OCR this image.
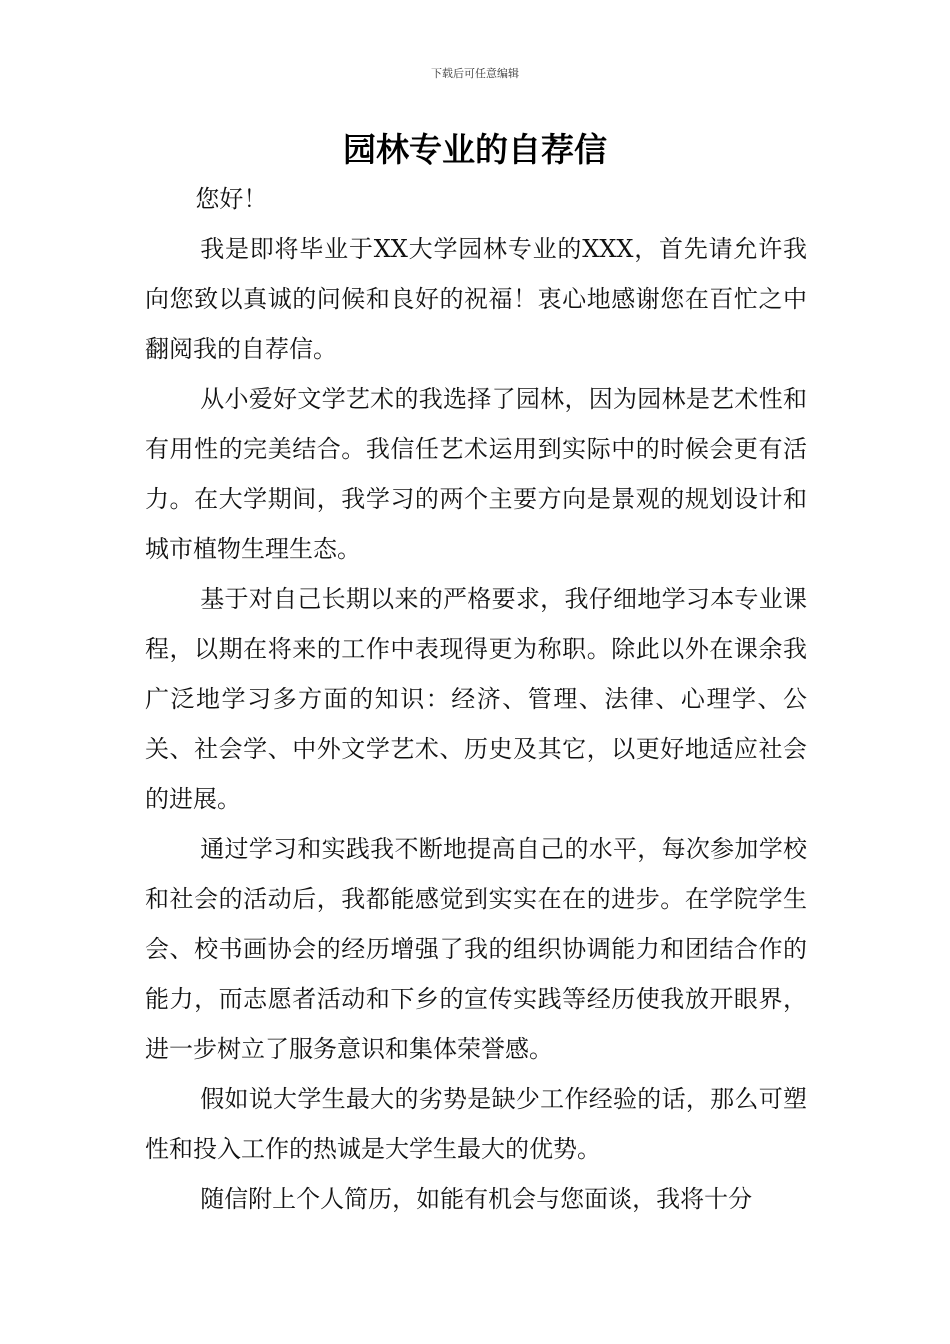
下载后可任意编辑
园林专业的自荐信

您好！

我是即将毕业于XX大学园林专业的XXX，首先请允许我向您致以真诚的问候和良好的祝福！衷心地感谢您在百忙之中翻阅我的自荐信。

从小爱好文学艺术的我选择了园林，因为园林是艺术性和有用性的完美结合。我信任艺术运用到实际中的时候会更有活力。在大学期间，我学习的两个主要方向是景观的规划设计和城市植物生理生态。

基于对自己长期以来的严格要求，我仔细地学习本专业课程，以期在将来的工作中表现得更为称职。除此以外在课余我广泛地学习多方面的知识：经济、管理、法律、心理学、公关、社会学、中外文学艺术、历史及其它，以更好地适应社会的进展。

通过学习和实践我不断地提高自己的水平，每次参加学校和社会的活动后，我都能感觉到实实在在的进步。在学院学生会、校书画协会的经历增强了我的组织协调能力和团结合作的能力，而志愿者活动和下乡的宣传实践等经历使我放开眼界，进一步树立了服务意识和集体荣誉感。

假如说大学生最大的劣势是缺少工作经验的话，那么可塑性和投入工作的热诚是大学生最大的优势。

随信附上个人简历，如能有机会与您面谈，我将十分
